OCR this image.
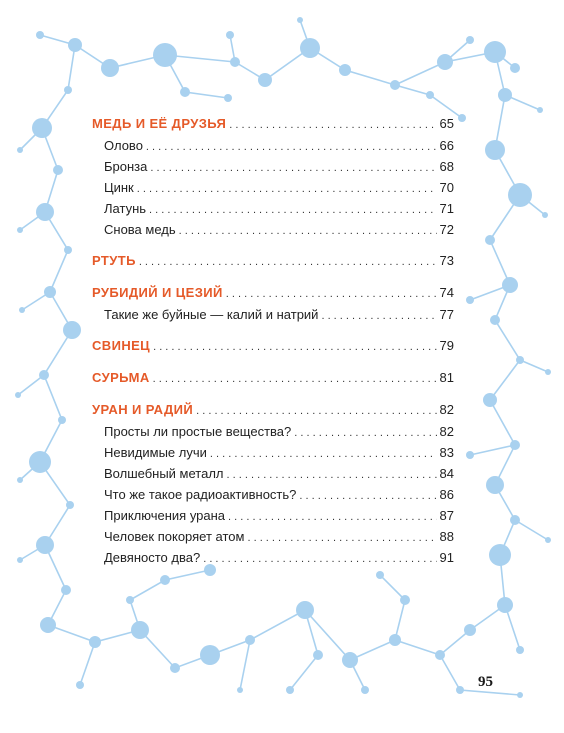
МЕДЬ И ЕЁ ДРУЗЬЯ . . .	65
Олово . . .	66
Бронза . . .	68
Цинк . . .	70
Латунь . . .	71
Снова медь . . .	72
РТУТЬ . . .	73
РУБИДИЙ И ЦЕЗИЙ . . .	74
Такие же буйные — калий и натрий . . .	77
СВИНЕЦ . . .	79
СУРЬМА . . .	81
УРАН И РАДИЙ . . .	82
Просты ли простые вещества? . . .	82
Невидимые лучи . . .	83
Волшебный металл . . .	84
Что же такое радиоактивность? . . .	86
Приключения урана . . .	87
Человек покоряет атом . . .	88
Девяносто два? . . .	91
95
